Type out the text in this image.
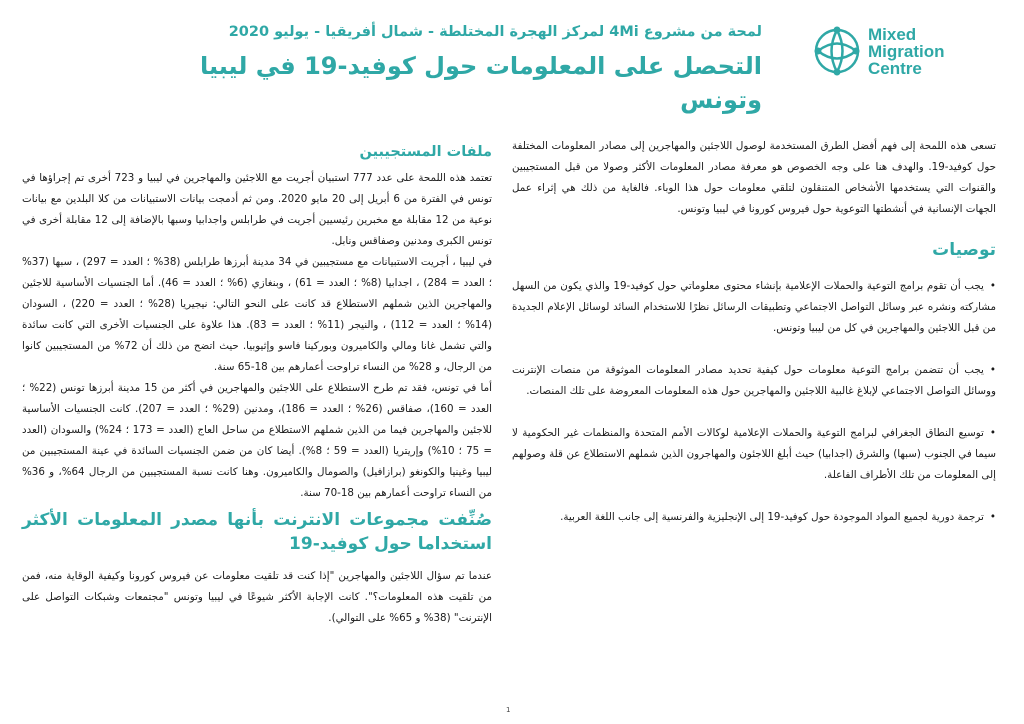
لمحة من مشروع 4Mi لمركز الهجرة المختلطة - شمال أفريقيا - يوليو 2020
التحصل على المعلومات حول كوفيد-19 في ليبيا وتونس
Mixed
Migration
Centre

تسعى هذه اللمحة إلى فهم أفضل الطرق المستخدمة لوصول اللاجئين والمهاجرين إلى مصادر المعلومات المختلفة حول كوفيد-19. والهدف هنا على وجه الخصوص هو معرفة مصادر المعلومات الأكثر وصولا من قبل المستجيبين والقنوات التي يستخدمها الأشخاص المتنقلون لتلقي معلومات حول هذا الوباء. فالغاية من ذلك هي إثراء عمل الجهات الإنسانية في أنشطتها التوعوية حول فيروس كورونا في ليبيا وتونس.

توصيات

•يجب أن تقوم برامج التوعية والحملات الإعلامية بإنشاء محتوى معلوماتي حول كوفيد-19 والذي يكون من السهل مشاركته ونشره عبر وسائل التواصل الاجتماعي وتطبيقات الرسائل نظرًا للاستخدام السائد لوسائل الإعلام الجديدة من قبل اللاجئين والمهاجرين في كل من ليبيا وتونس.

•يجب أن تتضمن برامج التوعية معلومات حول كيفية تحديد مصادر المعلومات الموثوقة من منصات الإنترنت ووسائل التواصل الاجتماعي لإبلاغ غالبية اللاجئين والمهاجرين حول هذه المعلومات المعروضة على تلك المنصات.

•توسيع النطاق الجغرافي لبرامج التوعية والحملات الإعلامية لوكالات الأمم المتحدة والمنظمات غير الحكومية لا سيما في الجنوب (سبها) والشرق (اجدابيا) حيث أبلغ اللاجئون والمهاجرون الذين شملهم الاستطلاع عن قلة وصولهم إلى المعلومات من تلك الأطراف الفاعلة.

•ترجمة دورية لجميع المواد الموجودة حول كوفيد-19 إلى الإنجليزية والفرنسية إلى جانب اللغة العربية.

ملفات المستجيبين

تعتمد هذه اللمحة على عدد 777 استبيان أجريت مع اللاجئين والمهاجرين في ليبيا و 723 أخرى تم إجراؤها في تونس في الفترة من 6 أبريل إلى 20 مايو 2020. ومن ثم أدمجت بيانات الاستبيانات من كلا البلدين مع بيانات نوعية من 12 مقابلة مع مخبرين رئيسيين أجريت في طرابلس واجدابيا وسبها بالإضافة إلى 12 مقابلة أخرى في تونس الكبرى ومدنين وصفاقس ونابل.

في ليبيا ، أجريت الاستبيانات مع مستجيبين في 34 مدينة أبرزها طرابلس (38% ؛ العدد = 297) ، سبها (37% ؛ العدد = 284) ، اجدابيا (8% ؛ العدد = 61) ، وبنغازي (6% ؛ العدد = 46). أما الجنسيات الأساسية للاجئين والمهاجرين الذين شملهم الاستطلاع قد كانت على النحو التالي: نيجيريا (28% ؛ العدد = 220) ، السودان (14% ؛ العدد = 112) ، والنيجر (11% ؛ العدد = 83). هذا علاوة على الجنسيات الأخرى التي كانت سائدة والتي تشمل غانا ومالي والكاميرون وبوركينا فاسو وإثيوبيا. حيث اتضح من ذلك أن 72% من المستجيبين كانوا من الرجال، و 28% من النساء تراوحت أعمارهم بين 18-65 سنة.

أما في تونس، فقد تم طرح الاستطلاع على اللاجئين والمهاجرين في أكثر من 15 مدينة أبرزها تونس (22% ؛ العدد = 160)، صفاقس (26% ؛ العدد = 186)، ومدنين (29% ؛ العدد = 207). كانت الجنسيات الأساسية للاجئين والمهاجرين فيما من الذين شملهم الاستطلاع من ساحل العاج (العدد = 173 ؛ 24%) والسودان (العدد = 75 ؛ 10%) وإريتريا (العدد = 59 ؛ 8%). أيضا كان من ضمن الجنسيات السائدة في عينة المستجيبين من ليبيا وغينيا والكونغو (برازافيل) والصومال والكاميرون. وهنا كانت نسبة المستجيبين من الرجال 64%، و 36% من النساء تراوحت أعمارهم بين 18-70 سنة.

صُنِّفت مجموعات الانترنت بأنها مصدر المعلومات الأكثر استخداما حول كوفيد-19

عندما تم سؤال اللاجئين والمهاجرين "إذا كنت قد تلقيت معلومات عن فيروس كورونا وكيفية الوقاية منه، فمن من تلقيت هذه المعلومات؟". كانت الإجابة الأكثر شيوعًا في ليبيا وتونس "مجتمعات وشبكات التواصل على الإنترنت" (38% و 65% على التوالي).

1
